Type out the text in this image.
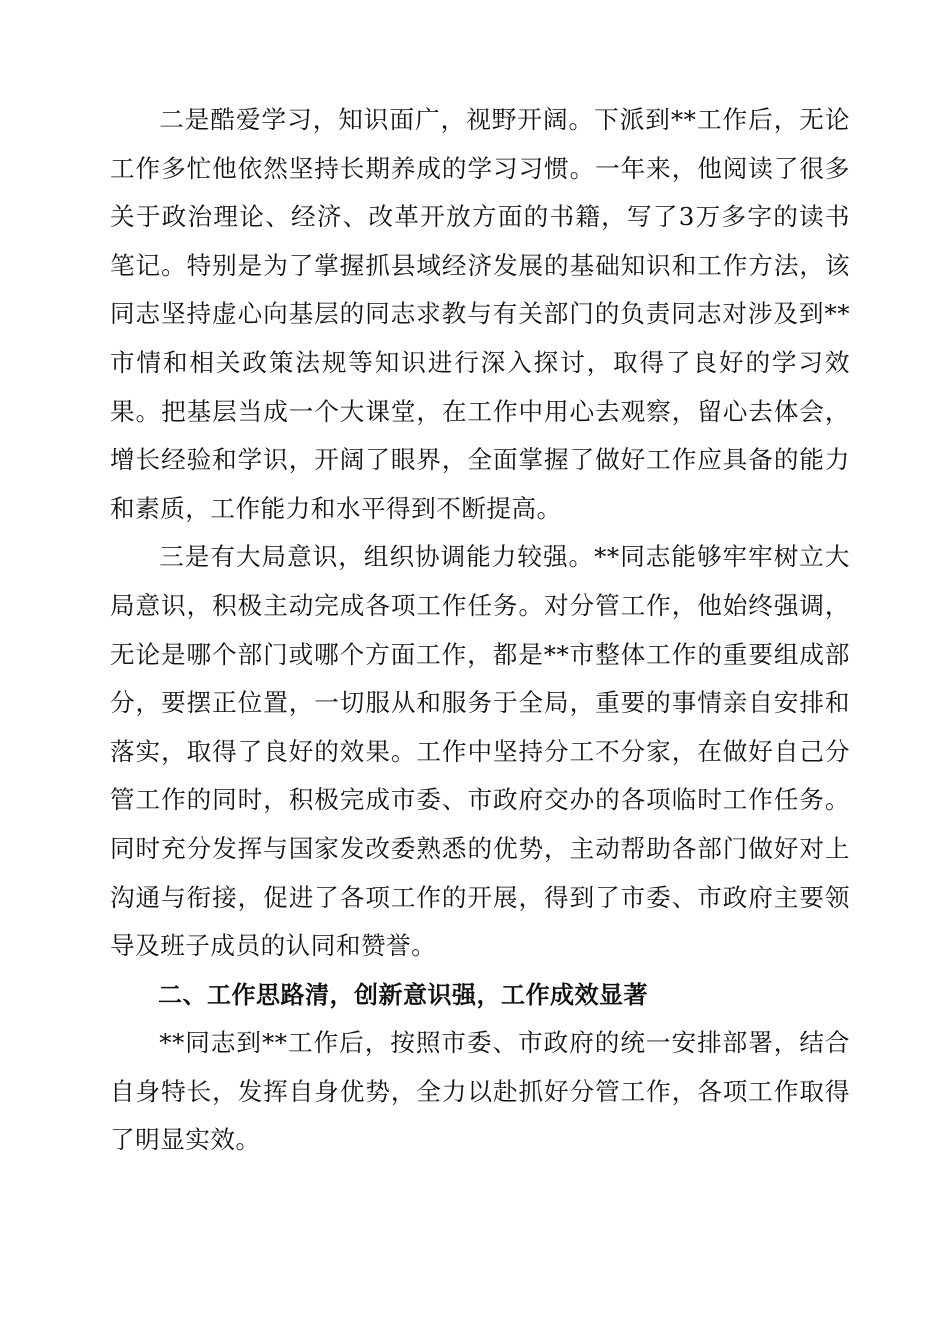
二是酷爱学习，知识面广，视野开阔。下派到**工作后，无论工作多忙他依然坚持长期养成的学习习惯。一年来，他阅读了很多关于政治理论、经济、改革开放方面的书籍，写了3万多字的读书笔记。特别是为了掌握抓县域经济发展的基础知识和工作方法，该同志坚持虚心向基层的同志求教与有关部门的负责同志对涉及到**市情和相关政策法规等知识进行深入探讨，取得了良好的学习效果。把基层当成一个大课堂，在工作中用心去观察，留心去体会，增长经验和学识，开阔了眼界，全面掌握了做好工作应具备的能力和素质，工作能力和水平得到不断提高。

三是有大局意识，组织协调能力较强。**同志能够牢牢树立大局意识，积极主动完成各项工作任务。对分管工作，他始终强调，无论是哪个部门或哪个方面工作，都是**市整体工作的重要组成部分，要摆正位置，一切服从和服务于全局，重要的事情亲自安排和落实，取得了良好的效果。工作中坚持分工不分家，在做好自己分管工作的同时，积极完成市委、市政府交办的各项临时工作任务。同时充分发挥与国家发改委熟悉的优势，主动帮助各部门做好对上沟通与衔接，促进了各项工作的开展，得到了市委、市政府主要领导及班子成员的认同和赞誉。

二、工作思路清，创新意识强，工作成效显著

**同志到**工作后，按照市委、市政府的统一安排部署，结合自身特长，发挥自身优势，全力以赴抓好分管工作，各项工作取得了明显实效。
